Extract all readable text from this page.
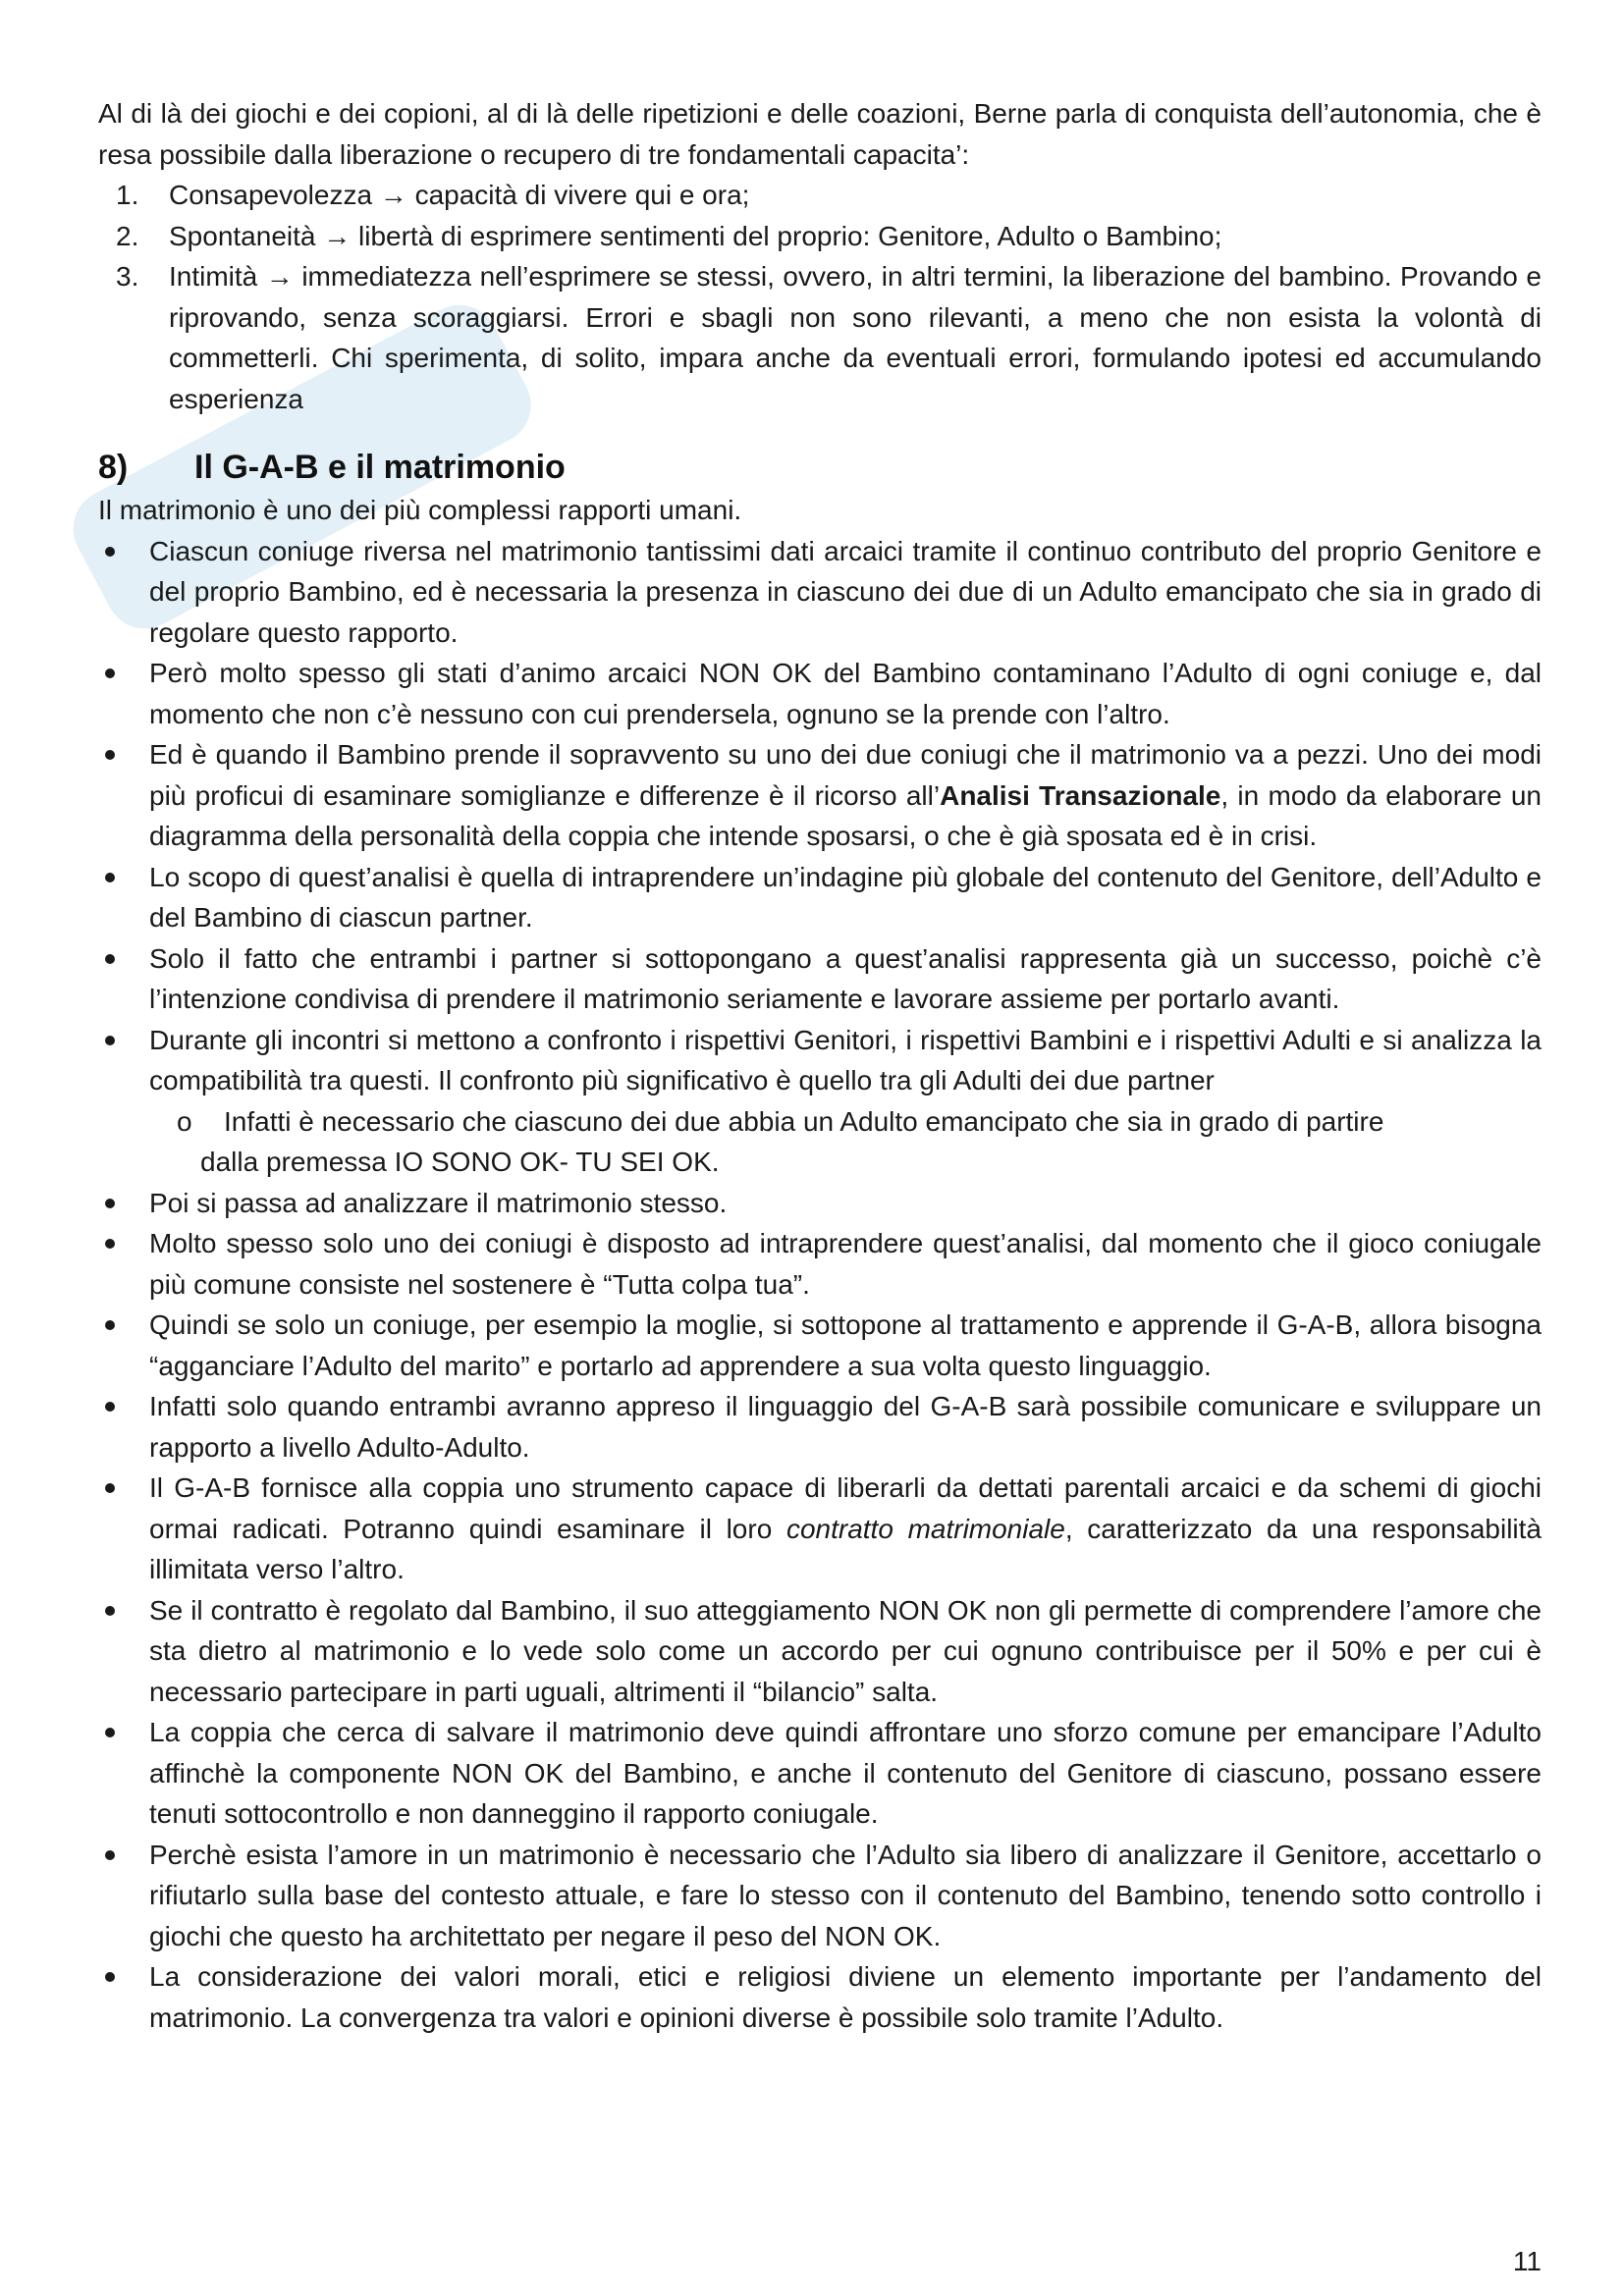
Al di là dei giochi e dei copioni, al di là delle ripetizioni e delle coazioni, Berne parla di conquista dell’autonomia, che è resa possibile dalla liberazione o recupero di tre fondamentali capacita’:

1. Consapevolezza → capacità di vivere qui e ora;
2. Spontaneità → libertà di esprimere sentimenti del proprio: Genitore, Adulto o Bambino;
3. Intimità → immediatezza nell’esprimere se stessi, ovvero, in altri termini, la liberazione del bambino. Provando e riprovando, senza scoraggiarsi. Errori e sbagli non sono rilevanti, a meno che non esista la volontà di commetterli. Chi sperimenta, di solito, impara anche da eventuali errori, formulando ipotesi ed accumulando esperienza
8) Il G-A-B e il matrimonio

Il matrimonio è uno dei più complessi rapporti umani.

Ciascun coniuge riversa nel matrimonio tantissimi dati arcaici tramite il continuo contributo del proprio Genitore e del proprio Bambino, ed è necessaria la presenza in ciascuno dei due di un Adulto emancipato che sia in grado di regolare questo rapporto.
Però molto spesso gli stati d’animo arcaici NON OK del Bambino contaminano l’Adulto di ogni coniuge e, dal momento che non c’è nessuno con cui prendersela, ognuno se la prende con l’altro.
Ed è quando il Bambino prende il sopravvento su uno dei due coniugi che il matrimonio va a pezzi. Uno dei modi più proficui di esaminare somiglianze e differenze è il ricorso all’Analisi Transazionale, in modo da elaborare un diagramma della personalità della coppia che intende sposarsi, o che è già sposata ed è in crisi.
Lo scopo di quest’analisi è quella di intraprendere un’indagine più globale del contenuto del Genitore, dell’Adulto e del Bambino di ciascun partner.
Solo il fatto che entrambi i partner si sottopongano a quest’analisi rappresenta già un successo, poichè c’è l’intenzione condivisa di prendere il matrimonio seriamente e lavorare assieme per portarlo avanti.
Durante gli incontri si mettono a confronto i rispettivi Genitori, i rispettivi Bambini e i rispettivi Adulti e si analizza la compatibilità tra questi. Il confronto più significativo è quello tra gli Adulti dei due partner
o Infatti è necessario che ciascuno dei due abbia un Adulto emancipato che sia in grado di partire
dalla premessa IO SONO OK- TU SEI OK.
Poi si passa ad analizzare il matrimonio stesso.
Molto spesso solo uno dei coniugi è disposto ad intraprendere quest’analisi, dal momento che il gioco coniugale più comune consiste nel sostenere è “Tutta colpa tua”.
Quindi se solo un coniuge, per esempio la moglie, si sottopone al trattamento e apprende il G-A-B, allora bisogna “agganciare l’Adulto del marito” e portarlo ad apprendere a sua volta questo linguaggio.
Infatti solo quando entrambi avranno appreso il linguaggio del G-A-B sarà possibile comunicare e sviluppare un rapporto a livello Adulto-Adulto.
Il G-A-B fornisce alla coppia uno strumento capace di liberarli da dettati parentali arcaici e da schemi di giochi ormai radicati. Potranno quindi esaminare il loro contratto matrimoniale, caratterizzato da una responsabilità illimitata verso l’altro.
Se il contratto è regolato dal Bambino, il suo atteggiamento NON OK non gli permette di comprendere l’amore che sta dietro al matrimonio e lo vede solo come un accordo per cui ognuno contribuisce per il 50% e per cui è necessario partecipare in parti uguali, altrimenti il “bilancio” salta.
La coppia che cerca di salvare il matrimonio deve quindi affrontare uno sforzo comune per emancipare l’Adulto affinchè la componente NON OK del Bambino, e anche il contenuto del Genitore di ciascuno, possano essere tenuti sottocontrollo e non danneggino il rapporto coniugale.
Perchè esista l’amore in un matrimonio è necessario che l’Adulto sia libero di analizzare il Genitore, accettarlo o rifiutarlo sulla base del contesto attuale, e fare lo stesso con il contenuto del Bambino, tenendo sotto controllo i giochi che questo ha architettato per negare il peso del NON OK.
La considerazione dei valori morali, etici e religiosi diviene un elemento importante per l’andamento del matrimonio. La convergenza tra valori e opinioni diverse è possibile solo tramite l’Adulto.
11
